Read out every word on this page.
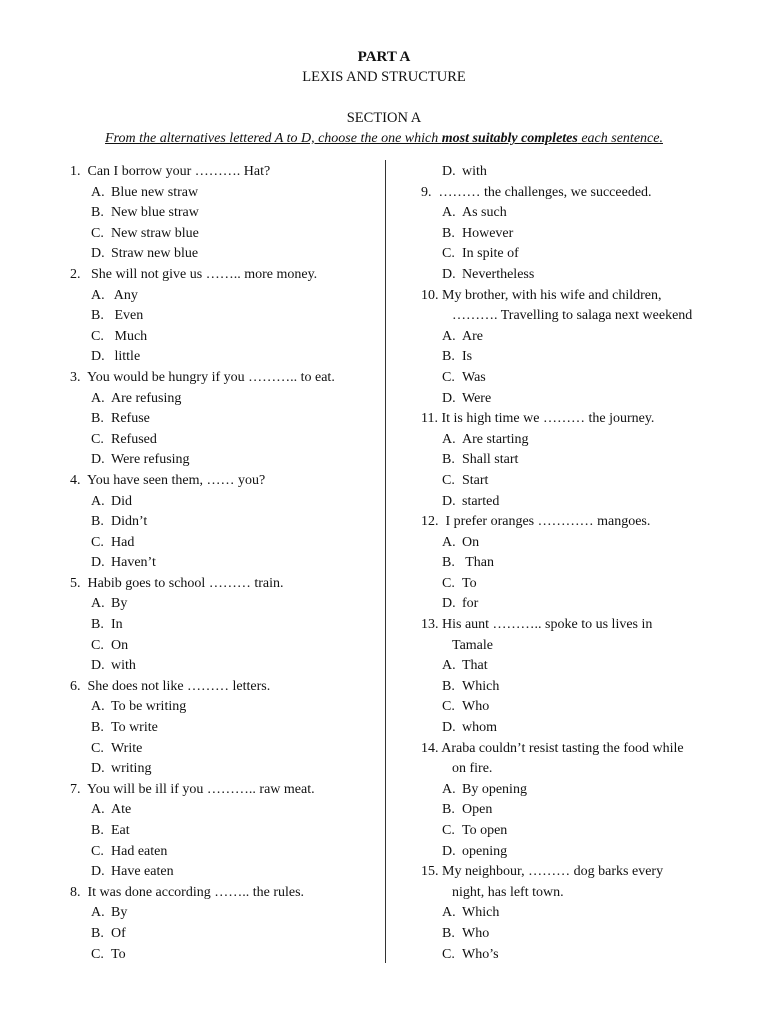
PART A
LEXIS AND STRUCTURE
SECTION A
From the alternatives lettered A to D, choose the one which most suitably completes each sentence.
1.  Can I borrow your ………. Hat?
A. Blue new straw
B. New blue straw
C. New straw blue
D. Straw new blue
2.   She will not give us …….. more money.
A. Any
B. Even
C. Much
D. little
3.  You would be hungry if you ……….. to eat.
A. Are refusing
B. Refuse
C. Refused
D. Were refusing
4.  You have seen them, …… you?
A. Did
B. Didn’t
C. Had
D. Haven’t
5.  Habib goes to school ……… train.
A. By
B. In
C. On
D. with
6.  She does not like ……… letters.
A. To be writing
B. To write
C. Write
D. writing
7.  You will be ill if you ……….. raw meat.
A. Ate
B. Eat
C. Had eaten
D. Have eaten
8.  It was done according …….. the rules.
A. By
B. Of
C. To
D. with
9.  ……… the challenges, we succeeded.
A. As such
B. However
C. In spite of
D. Nevertheless
10. My brother, with his wife and children,
………. Travelling to salaga next weekend
A. Are
B. Is
C. Was
D. Were
11. It is high time we ……… the journey.
A. Are starting
B. Shall start
C. Start
D. started
12.  I prefer oranges ………… mangoes.
A. On
B. Than
C. To
D. for
13. His aunt ……….. spoke to us lives in
Tamale
A. That
B. Which
C. Who
D. whom
14. Araba couldn’t resist tasting the food while
on fire.
A. By opening
B. Open
C. To open
D. opening
15. My neighbour, ……… dog barks every
night, has left town.
A. Which
B. Who
C. Who’s
